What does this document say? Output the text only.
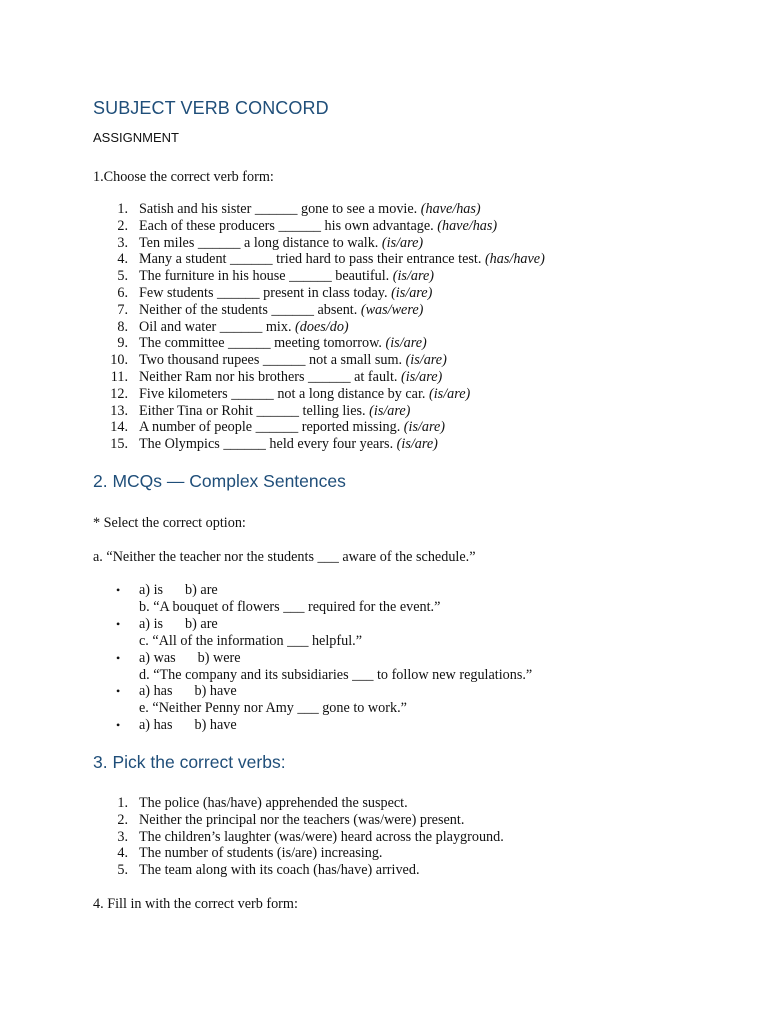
SUBJECT VERB CONCORD
ASSIGNMENT
1.Choose the correct verb form:
1. Satish and his sister ______ gone to see a movie. (have/has)
2. Each of these producers ______ his own advantage. (have/has)
3. Ten miles ______ a long distance to walk. (is/are)
4. Many a student ______ tried hard to pass their entrance test. (has/have)
5. The furniture in his house ______ beautiful. (is/are)
6. Few students ______ present in class today. (is/are)
7. Neither of the students ______ absent. (was/were)
8. Oil and water ______ mix. (does/do)
9. The committee ______ meeting tomorrow. (is/are)
10. Two thousand rupees ______ not a small sum. (is/are)
11. Neither Ram nor his brothers ______ at fault. (is/are)
12. Five kilometers ______ not a long distance by car. (is/are)
13. Either Tina or Rohit ______ telling lies. (is/are)
14. A number of people ______ reported missing. (is/are)
15. The Olympics ______ held every four years. (is/are)
2. MCQs — Complex Sentences
* Select the correct option:
a. “Neither the teacher nor the students ___ aware of the schedule.”
• a) is b) are
b. “A bouquet of flowers ___ required for the event.”
• a) is b) are
c. “All of the information ___ helpful.”
• a) was b) were
d. “The company and its subsidiaries ___ to follow new regulations.”
• a) has b) have
e. “Neither Penny nor Amy ___ gone to work.”
• a) has b) have
3. Pick the correct verbs:
1. The police (has/have) apprehended the suspect.
2. Neither the principal nor the teachers (was/were) present.
3. The children’s laughter (was/were) heard across the playground.
4. The number of students (is/are) increasing.
5. The team along with its coach (has/have) arrived.
4. Fill in with the correct verb form:
